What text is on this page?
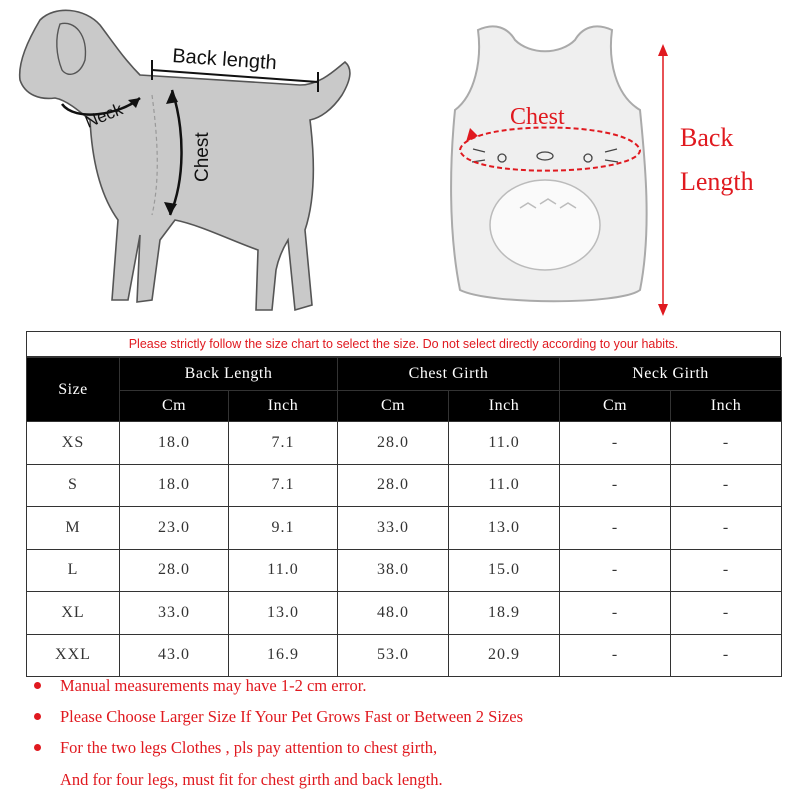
Back length
Neck
Chest
Chest
Back
Length
Please strictly follow the size chart to select the size. Do not select directly according to your habits.
Size	Back Length		Chest Girth		Neck Girth	
	Cm	Inch	Cm	Inch	Cm	Inch
XS	18.0	7.1	28.0	11.0	-	-
S	18.0	7.1	28.0	11.0	-	-
M	23.0	9.1	33.0	13.0	-	-
L	28.0	11.0	38.0	15.0	-	-
XL	33.0	13.0	48.0	18.9	-	-
XXL	43.0	16.9	53.0	20.9	-	-
Manual measurements may have 1-2 cm error.
Please Choose Larger Size If Your Pet Grows Fast or Between 2 Sizes
For the two legs Clothes , pls pay attention to chest girth,
And for four legs, must fit for chest girth and back length.
